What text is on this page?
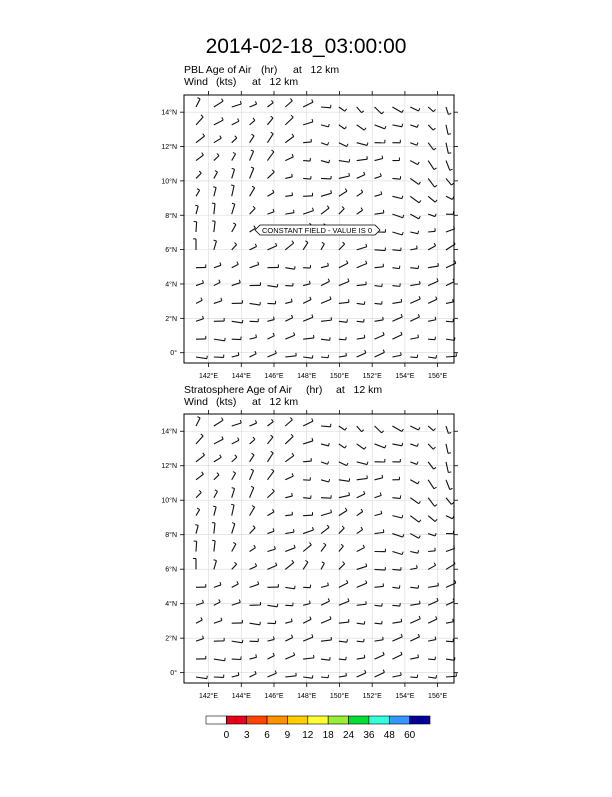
2014-02-18_03:00:00
PBL Age of Air (hr) at   12 km
Wind (kts) at   12 km
Stratosphere Age of Air (hr) at   12 km
Wind (kts) at   12 km
0°
2°N
4°N
6°N
8°N
10°N
12°N
14°N
142°E 144°E 146°E 148°E 150°E 152°E 154°E 156°E
0°
2°N
4°N
6°N
8°N
10°N
12°N
14°N
142°E 144°E 146°E 148°E 150°E 152°E 154°E 156°E
CONSTANT FIELD - VALUE IS 0
0 3 6 9 12 18 24 36 48 60
